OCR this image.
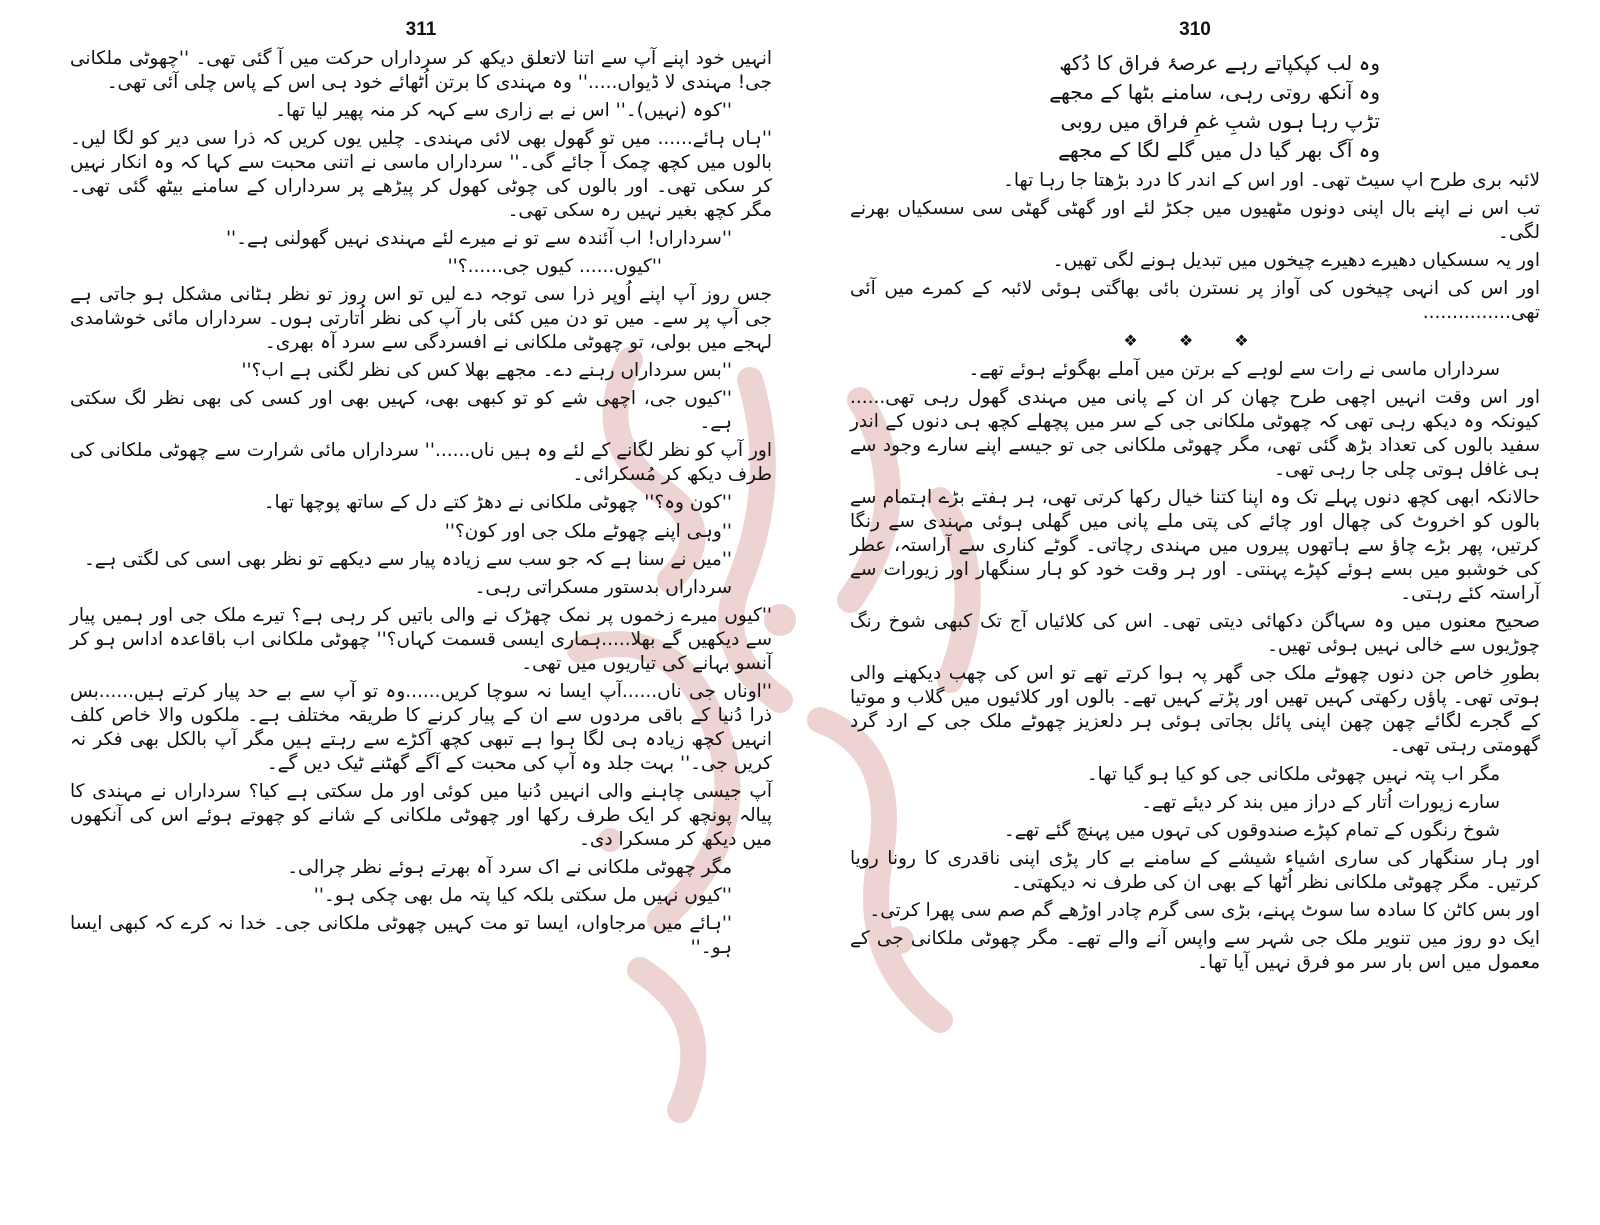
311

انہیں خود اپنے آپ سے اتنا لاتعلق دیکھ کر سرداراں حرکت میں آ گئی تھی۔ ''چھوٹی ملکانی جی! مہندی لا ڈیواں.....'' وہ مہندی کا برتن اُٹھائے خود ہی اس کے پاس چلی آئی تھی۔

''کوہ (نہیں)۔'' اس نے بے زاری سے کہہ کر منہ پھیر لیا تھا۔

''ہاں ہائے...... میں تو گھول بھی لائی مہندی۔ چلیں یوں کریں کہ ذرا سی دیر کو لگا لیں۔ بالوں میں کچھ چمک آ جائے گی۔'' سرداراں ماسی نے اتنی محبت سے کہا کہ وہ انکار نہیں کر سکی تھی۔ اور بالوں کی چوٹی کھول کر پیڑھے پر سرداراں کے سامنے بیٹھ گئی تھی۔ مگر کچھ بغیر نہیں رہ سکی تھی۔

''سرداراں! اب آئندہ سے تو نے میرے لئے مہندی نہیں گھولنی ہے۔''

''کیوں...... کیوں جی......؟''

جس روز آپ اپنے اُوپر ذرا سی توجہ دے لیں تو اس روز تو نظر ہٹانی مشکل ہو جاتی ہے جی آپ پر سے۔ میں تو دن میں کئی بار آپ کی نظر اُتارتی ہوں۔ سرداراں مائی خوشامدی لہجے میں بولی، تو چھوٹی ملکانی نے افسردگی سے سرد آہ بھری۔

''بس سرداراں رہنے دے۔ مجھے بھلا کس کی نظر لگنی ہے اب؟''

''کیوں جی، اچھی شے کو تو کبھی بھی، کہیں بھی اور کسی کی بھی نظر لگ سکتی ہے۔

اور آپ کو نظر لگانے کے لئے وہ ہیں ناں......'' سرداراں مائی شرارت سے چھوٹی ملکانی کی طرف دیکھ کر مُسکرائی۔

''کون وہ؟'' چھوٹی ملکانی نے دھڑ کتے دل کے ساتھ پوچھا تھا۔

''وہی اپنے چھوٹے ملک جی اور کون؟''

''میں نے سنا ہے کہ جو سب سے زیادہ پیار سے دیکھے تو نظر بھی اسی کی لگتی ہے۔

سرداراں بدستور مسکراتی رہی۔

''کیوں میرے زخموں پر نمک چھڑک نے والی باتیں کر رہی ہے؟ تیرے ملک جی اور ہمیں پیار سے دیکھیں گے بھلا.....ہماری ایسی قسمت کہاں؟'' چھوٹی ملکانی اب باقاعدہ اداس ہو کر آنسو بہانے کی تیاریوں میں تھی۔

''اوناں جی ناں......آپ ایسا نہ سوچا کریں......وہ تو آپ سے بے حد پیار کرتے ہیں......بس ذرا دُنیا کے باقی مردوں سے ان کے پیار کرنے کا طریقہ مختلف ہے۔ ملکوں والا خاص کلف انہیں کچھ زیادہ ہی لگا ہوا ہے تبھی کچھ آکڑے سے رہتے ہیں مگر آپ بالکل بھی فکر نہ کریں جی۔'' بہت جلد وہ آپ کی محبت کے آگے گھٹنے ٹیک دیں گے۔

آپ جیسی چاہنے والی انہیں دُنیا میں کوئی اور مل سکتی ہے کیا؟ سرداراں نے مہندی کا پیالہ پونچھ کر ایک طرف رکھا اور چھوٹی ملکانی کے شانے کو چھوتے ہوئے اس کی آنکھوں میں دیکھ کر مسکرا دی۔

مگر چھوٹی ملکانی نے اک سرد آہ بھرتے ہوئے نظر چرالی۔

''کیوں نہیں مل سکتی بلکہ کیا پتہ مل بھی چکی ہو۔''

''ہائے میں مرجاواں، ایسا تو مت کہیں چھوٹی ملکانی جی۔ خدا نہ کرے کہ کبھی ایسا ہو۔''

310
وہ لب کپکپاتے رہے عرصۂ فراق کا دُکھ
وہ آنکھ روتی رہی، سامنے بٹھا کے مجھے
تڑپ رہا ہوں شبِ غمِ فراق میں روبی
وہ آگ بھر گیا دل میں گلے لگا کے مجھے

لائبہ بری طرح اپ سیٹ تھی۔ اور اس کے اندر کا درد بڑھتا جا رہا تھا۔

تب اس نے اپنے بال اپنی دونوں مٹھیوں میں جکڑ لئے اور گھٹی گھٹی سی سسکیاں بھرنے لگی۔

اور یہ سسکیاں دھیرے دھیرے چیخوں میں تبدیل ہونے لگی تھیں۔

اور اس کی انہی چیخوں کی آواز پر نسترن بائی بھاگتی ہوئی لائبہ کے کمرے میں آئی تھی...............

❖ ❖ ❖

سرداراں ماسی نے رات سے لوہے کے برتن میں آملے بھگوئے ہوئے تھے۔

اور اس وقت انہیں اچھی طرح چھان کر ان کے پانی میں مہندی گھول رہی تھی...... کیونکہ وہ دیکھ رہی تھی کہ چھوٹی ملکانی جی کے سر میں پچھلے کچھ ہی دنوں کے اندر سفید بالوں کی تعداد بڑھ گئی تھی، مگر چھوٹی ملکانی جی تو جیسے اپنے سارے وجود سے ہی غافل ہوتی چلی جا رہی تھی۔

حالانکہ ابھی کچھ دنوں پہلے تک وہ اپنا کتنا خیال رکھا کرتی تھی، ہر ہفتے بڑے اہتمام سے بالوں کو اخروٹ کی چھال اور چائے کی پتی ملے پانی میں گھلی ہوئی مہندی سے رنگا کرتیں، پھر بڑے چاؤ سے ہاتھوں پیروں میں مہندی رچاتی۔ گوٹے کناری سے آراستہ، عطر کی خوشبو میں بسے ہوئے کپڑے پہنتی۔ اور ہر وقت خود کو ہار سنگھار اور زیورات سے آراستہ کئے رہتی۔

صحیح معنوں میں وہ سہاگن دکھائی دیتی تھی۔ اس کی کلائیاں آج تک کبھی شوخ رنگ چوڑیوں سے خالی نہیں ہوئی تھیں۔

بطورِ خاص جن دنوں چھوٹے ملک جی گھر پہ ہوا کرتے تھے تو اس کی چھب دیکھنے والی ہوتی تھی۔ پاؤں رکھتی کہیں تھیں اور پڑتے کہیں تھے۔ بالوں اور کلائیوں میں گلاب و موتیا کے گجرے لگائے چھن چھن اپنی پائل بجاتی ہوئی ہر دلعزیز چھوٹے ملک جی کے ارد گرد گھومتی رہتی تھی۔

مگر اب پتہ نہیں چھوٹی ملکانی جی کو کیا ہو گیا تھا۔

سارے زیورات اُتار کے دراز میں بند کر دیئے تھے۔

شوخ رنگوں کے تمام کپڑے صندوقوں کی تہوں میں پہنچ گئے تھے۔

اور ہار سنگھار کی ساری اشیاء شیشے کے سامنے بے کار پڑی اپنی ناقدری کا رونا رویا کرتیں۔ مگر چھوٹی ملکانی نظر اُٹھا کے بھی ان کی طرف نہ دیکھتی۔

اور بس کاٹن کا سادہ سا سوٹ پہنے، بڑی سی گرم چادر اوڑھے گم صم سی پھرا کرتی۔

ایک دو روز میں تنویر ملک جی شہر سے واپس آنے والے تھے۔ مگر چھوٹی ملکانی جی کے معمول میں اس بار سر مو فرق نہیں آیا تھا۔
